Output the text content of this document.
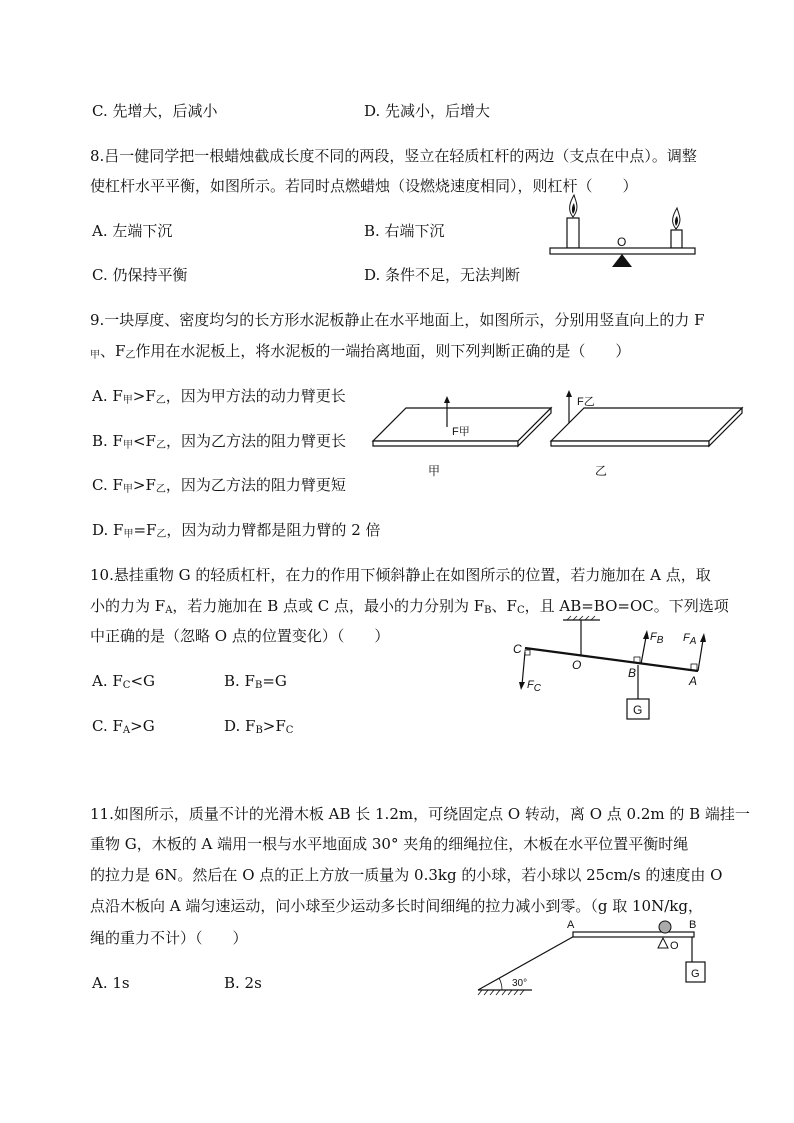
C. 先增大，后减小	D. 先减小，后增大
8.吕一健同学把一根蜡烛截成长度不同的两段，竖立在轻质杠杆的两边（支点在中点）。调整
使杠杆水平平衡，如图所示。若同时点燃蜡烛（设燃烧速度相同），则杠杆（　　）
A. 左端下沉	B. 右端下沉
C. 仍保持平衡	D. 条件不足，无法判断
O
9.一块厚度、密度均匀的长方形水泥板静止在水平地面上，如图所示，分别用竖直向上的力 F
$_甲$、$F_乙$作用在水泥板上，将水泥板的一端抬离地面，则下列判断正确的是（　　）
A. $F_甲>F_乙$，因为甲方法的动力臂更长
B. $F_甲<F_乙$，因为乙方法的阻力臂更长
C. $F_甲>F_乙$，因为乙方法的阻力臂更短
D. $F_甲=F_乙$，因为动力臂都是阻力臂的 2 倍
F甲
甲
F乙
乙
10.悬挂重物 G 的轻质杠杆，在力的作用下倾斜静止在如图所示的位置，若力施加在 A 点，取
小的力为 $F_A$，若力施加在 B 点或 C 点，最小的力分别为 $F_B$、$F_C$，且 AB=BO=OC。下列选项
中正确的是（忽略 O 点的位置变化）（　　）
A. $F_C<G$	B. $F_B=G$
C. $F_A>G$	D. $F_B>F_C$
G
C
O
B
A
FB FA
FC
11.如图所示，质量不计的光滑木板 AB 长 1.2m，可绕固定点 O 转动，离 O 点 0.2m 的 B 端挂一
重物 G，木板的 A 端用一根与水平地面成 30° 夹角的细绳拉住，木板在水平位置平衡时绳
的拉力是 6N。然后在 O 点的正上方放一质量为 0.3kg 的小球，若小球以 25cm/s 的速度由 O
点沿木板向 A 端匀速运动，问小球至少运动多长时间细绳的拉力减小到零。（g 取 10N/kg，
绳的重力不计）（　　）
A. 1s	B. 2s	30°
O
A	B
G
